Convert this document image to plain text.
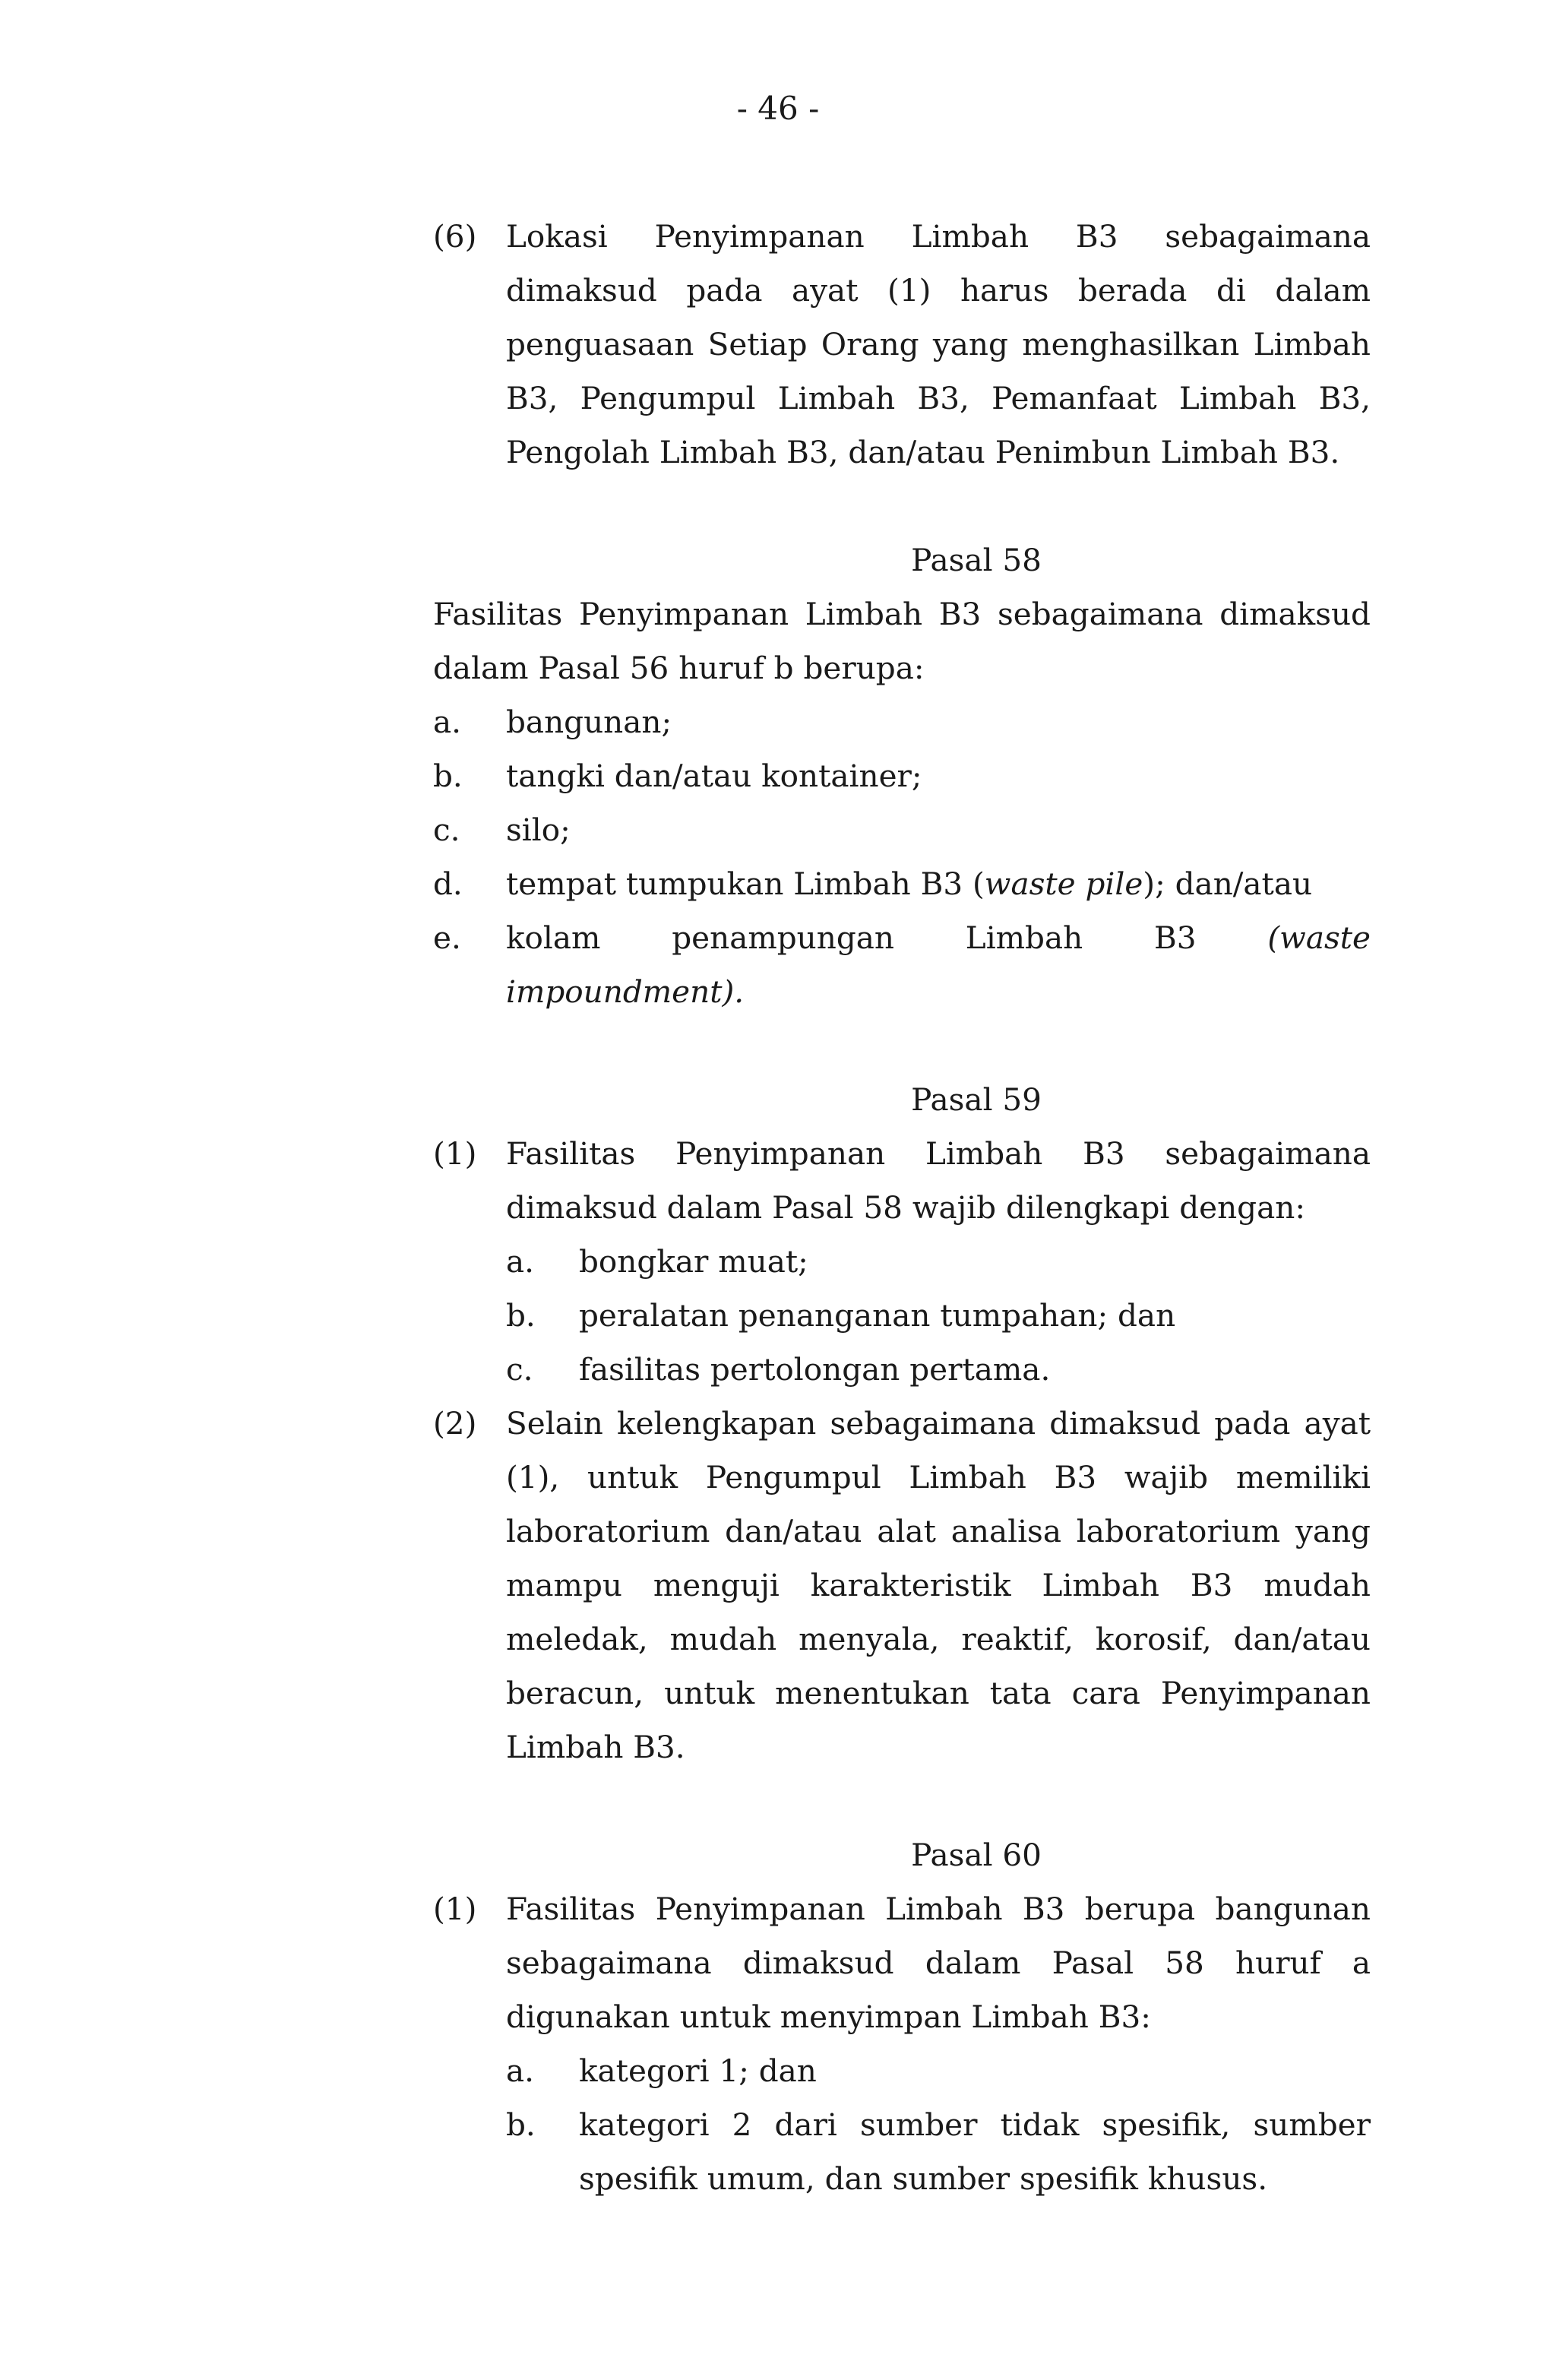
- 46 -
(6) Lokasi Penyimpanan Limbah B3 sebagaimana dimaksud pada ayat (1) harus berada di dalam penguasaan Setiap Orang yang menghasilkan Limbah B3, Pengumpul Limbah B3, Pemanfaat Limbah B3, Pengolah Limbah B3, dan/atau Penimbun Limbah B3.
Pasal 58
Fasilitas Penyimpanan Limbah B3 sebagaimana dimaksud dalam Pasal 56 huruf b berupa:
a.	bangunan;
b.	tangki dan/atau kontainer;
c.	silo;
d.	tempat tumpukan Limbah B3 (waste pile); dan/atau
e.	kolam penampungan Limbah B3 (waste impoundment).
Pasal 59
(1) Fasilitas Penyimpanan Limbah B3 sebagaimana dimaksud dalam Pasal 58 wajib dilengkapi dengan:
a.	bongkar muat;
b.	peralatan penanganan tumpahan; dan
c.	fasilitas pertolongan pertama.
(2) Selain kelengkapan sebagaimana dimaksud pada ayat (1), untuk Pengumpul Limbah B3 wajib memiliki laboratorium dan/atau alat analisa laboratorium yang mampu menguji karakteristik Limbah B3 mudah meledak, mudah menyala, reaktif, korosif, dan/atau beracun, untuk menentukan tata cara Penyimpanan Limbah B3.
Pasal 60
(1) Fasilitas Penyimpanan Limbah B3 berupa bangunan sebagaimana dimaksud dalam Pasal 58 huruf a digunakan untuk menyimpan Limbah B3:
a.	kategori 1; dan
b.	kategori 2 dari sumber tidak spesifik, sumber spesifik umum, dan sumber spesifik khusus.
